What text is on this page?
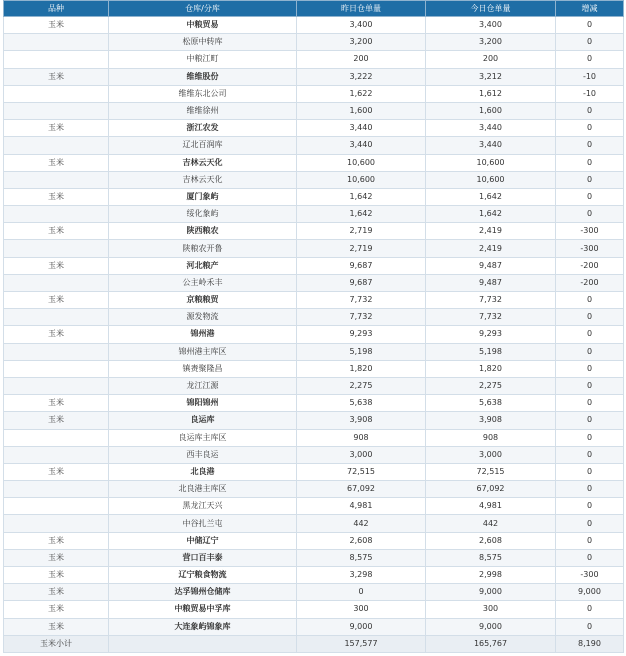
品种	仓库/分库	昨日仓单量	今日仓单量	增减
玉米	中粮贸易	3,400	3,400	0
	松原中转库	3,200	3,200	0
	中粮江町	200	200	0
玉米	维维股份	3,222	3,212	-10
	维维东北公司	1,622	1,612	-10
	维维徐州	1,600	1,600	0
玉米	浙江农发	3,440	3,440	0
	辽北百润库	3,440	3,440	0
玉米	吉林云天化	10,600	10,600	0
	吉林云天化	10,600	10,600	0
玉米	厦门象屿	1,642	1,642	0
	绥化象屿	1,642	1,642	0
玉米	陕西粮农	2,719	2,419	-300
	陕粮农开鲁	2,719	2,419	-300
玉米	河北粮产	9,687	9,487	-200
	公主岭禾丰	9,687	9,487	-200
玉米	京粮粮贸	7,732	7,732	0
	源发物流	7,732	7,732	0
玉米	锦州港	9,293	9,293	0
	锦州港主库区	5,198	5,198	0
	镇赉聚隆昌	1,820	1,820	0
	龙江江源	2,275	2,275	0
玉米	锦阳锦州	5,638	5,638	0
玉米	良运库	3,908	3,908	0
	良运库主库区	908	908	0
	西丰良运	3,000	3,000	0
玉米	北良港	72,515	72,515	0
	北良港主库区	67,092	67,092	0
	黑龙江天兴	4,981	4,981	0
	中谷扎兰屯	442	442	0
玉米	中储辽宁	2,608	2,608	0
玉米	营口百丰泰	8,575	8,575	0
玉米	辽宁粮食物流	3,298	2,998	-300
玉米	达孚锦州仓储库	0	9,000	9,000
玉米	中粮贸易中孚库	300	300	0
玉米	大连象屿锦象库	9,000	9,000	0
玉米小计		157,577	165,767	8,190
